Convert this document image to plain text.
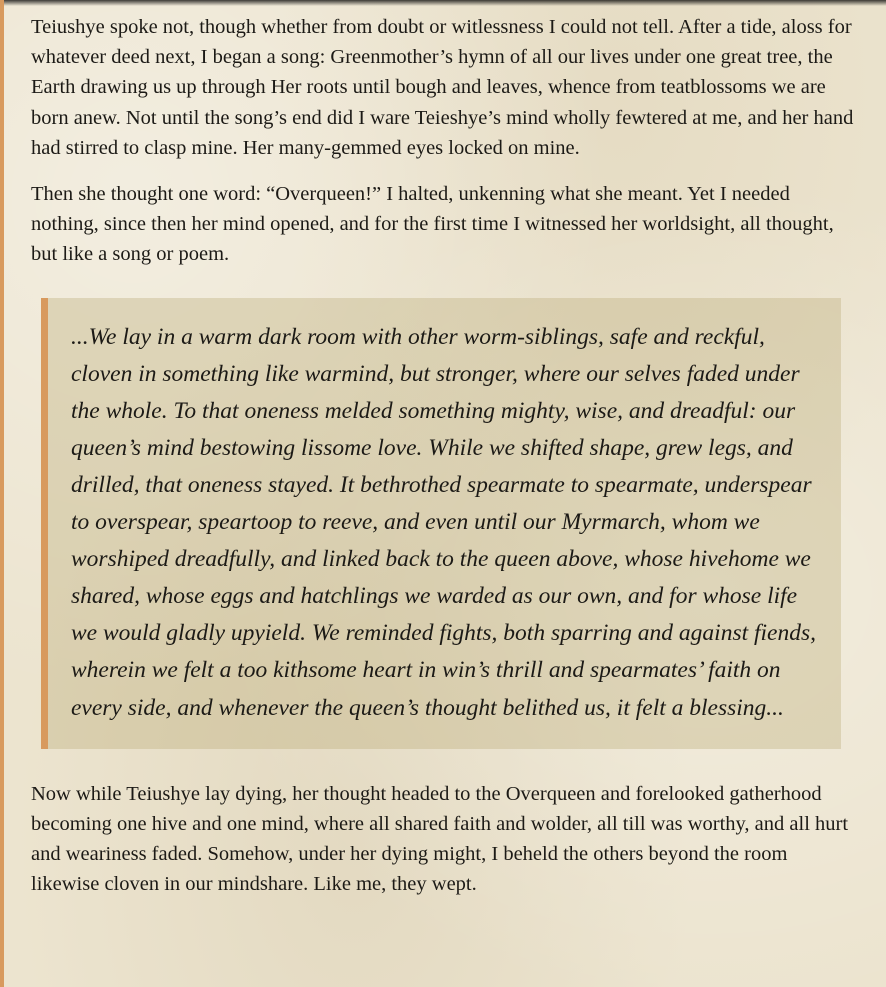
Teiushye spoke not, though whether from doubt or witlessness I could not tell. After a tide, aloss for whatever deed next, I began a song: Greenmother’s hymn of all our lives under one great tree, the Earth drawing us up through Her roots until bough and leaves, whence from teatblossoms we are born anew. Not until the song’s end did I ware Teieshye’s mind wholly fewtered at me, and her hand had stirred to clasp mine. Her many-gemmed eyes locked on mine.

Then she thought one word: “Overqueen!” I halted, unkenning what she meant. Yet I needed nothing, since then her mind opened, and for the first time I witnessed her worldsight, all thought, but like a song or poem.

...We lay in a warm dark room with other worm-siblings, safe and reckful, cloven in something like warmind, but stronger, where our selves faded under the whole. To that oneness melded something mighty, wise, and dreadful: our queen’s mind bestowing lissome love. While we shifted shape, grew legs, and drilled, that oneness stayed. It bethrothed spearmate to spearmate, underspear to overspear, speartoop to reeve, and even until our Myrmarch, whom we worshiped dreadfully, and linked back to the queen above, whose hivehome we shared, whose eggs and hatchlings we warded as our own, and for whose life we would gladly upyield. We reminded fights, both sparring and against fiends, wherein we felt a too kithsome heart in win’s thrill and spearmates’ faith on every side, and whenever the queen’s thought belithed us, it felt a blessing...

Now while Teiushye lay dying, her thought headed to the Overqueen and forelooked gatherhood becoming one hive and one mind, where all shared faith and wolder, all till was worthy, and all hurt and weariness faded. Somehow, under her dying might, I beheld the others beyond the room likewise cloven in our mindshare. Like me, they wept.
